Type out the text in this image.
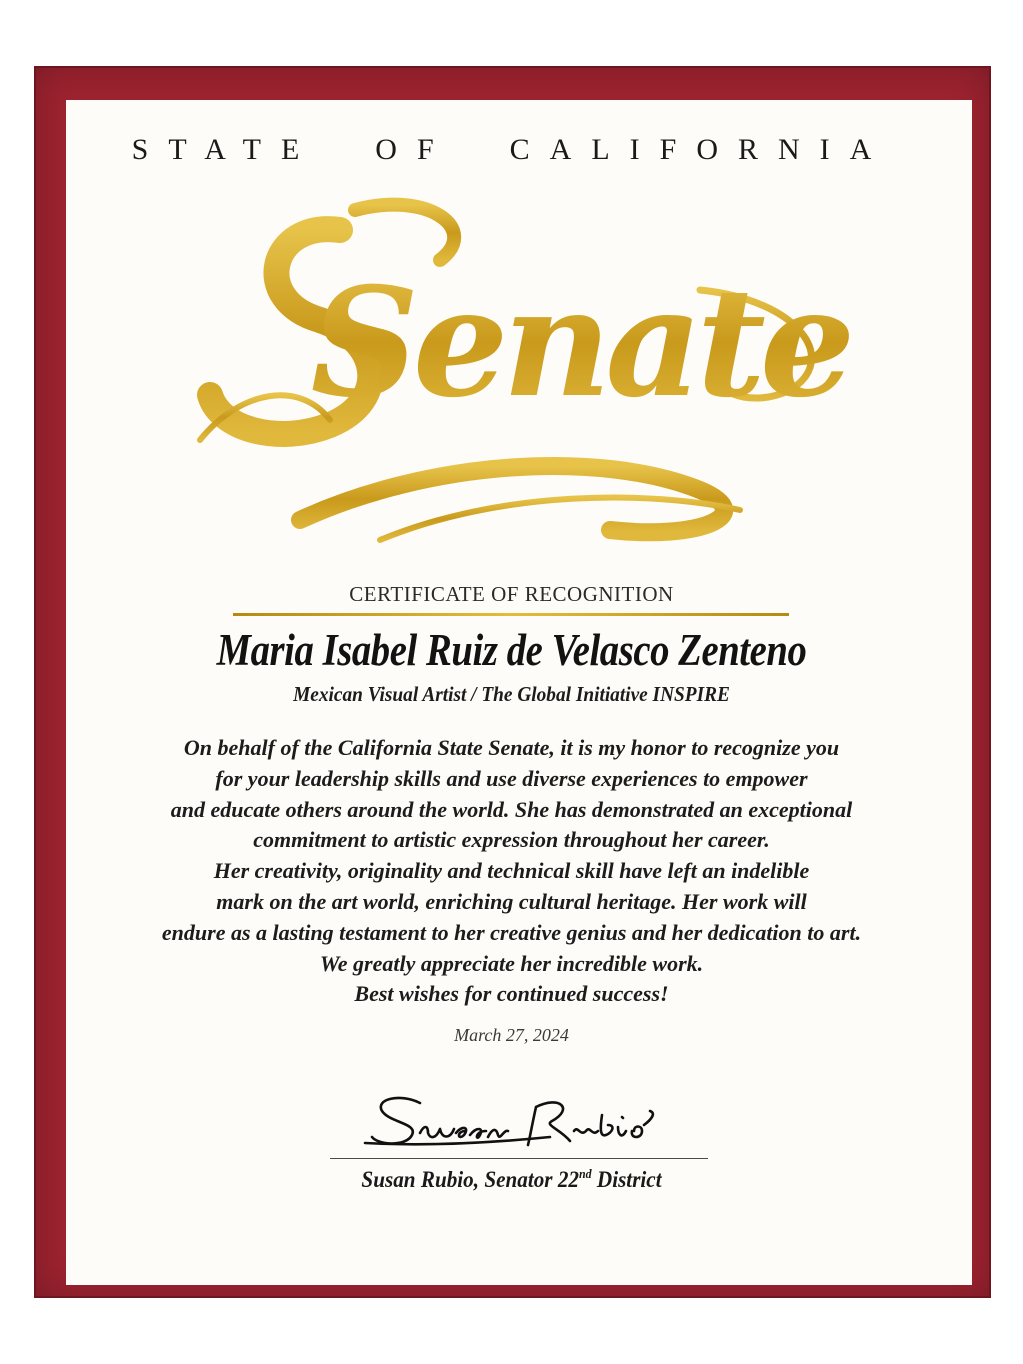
STATE OF CALIFORNIA
Senate
CERTIFICATE OF RECOGNITION
Maria Isabel Ruiz de Velasco Zenteno
Mexican Visual Artist / The Global Initiative INSPIRE
On behalf of the California State Senate, it is my honor to recognize you
for your leadership skills and use diverse experiences to empower
and educate others around the world. She has demonstrated an exceptional
commitment to artistic expression throughout her career.
Her creativity, originality and technical skill have left an indelible
mark on the art world, enriching cultural heritage. Her work will
endure as a lasting testament to her creative genius and her dedication to art.
We greatly appreciate her incredible work.
Best wishes for continued success!
March 27, 2024
Susan Rubio
Susan Rubio, Senator 22nd District
